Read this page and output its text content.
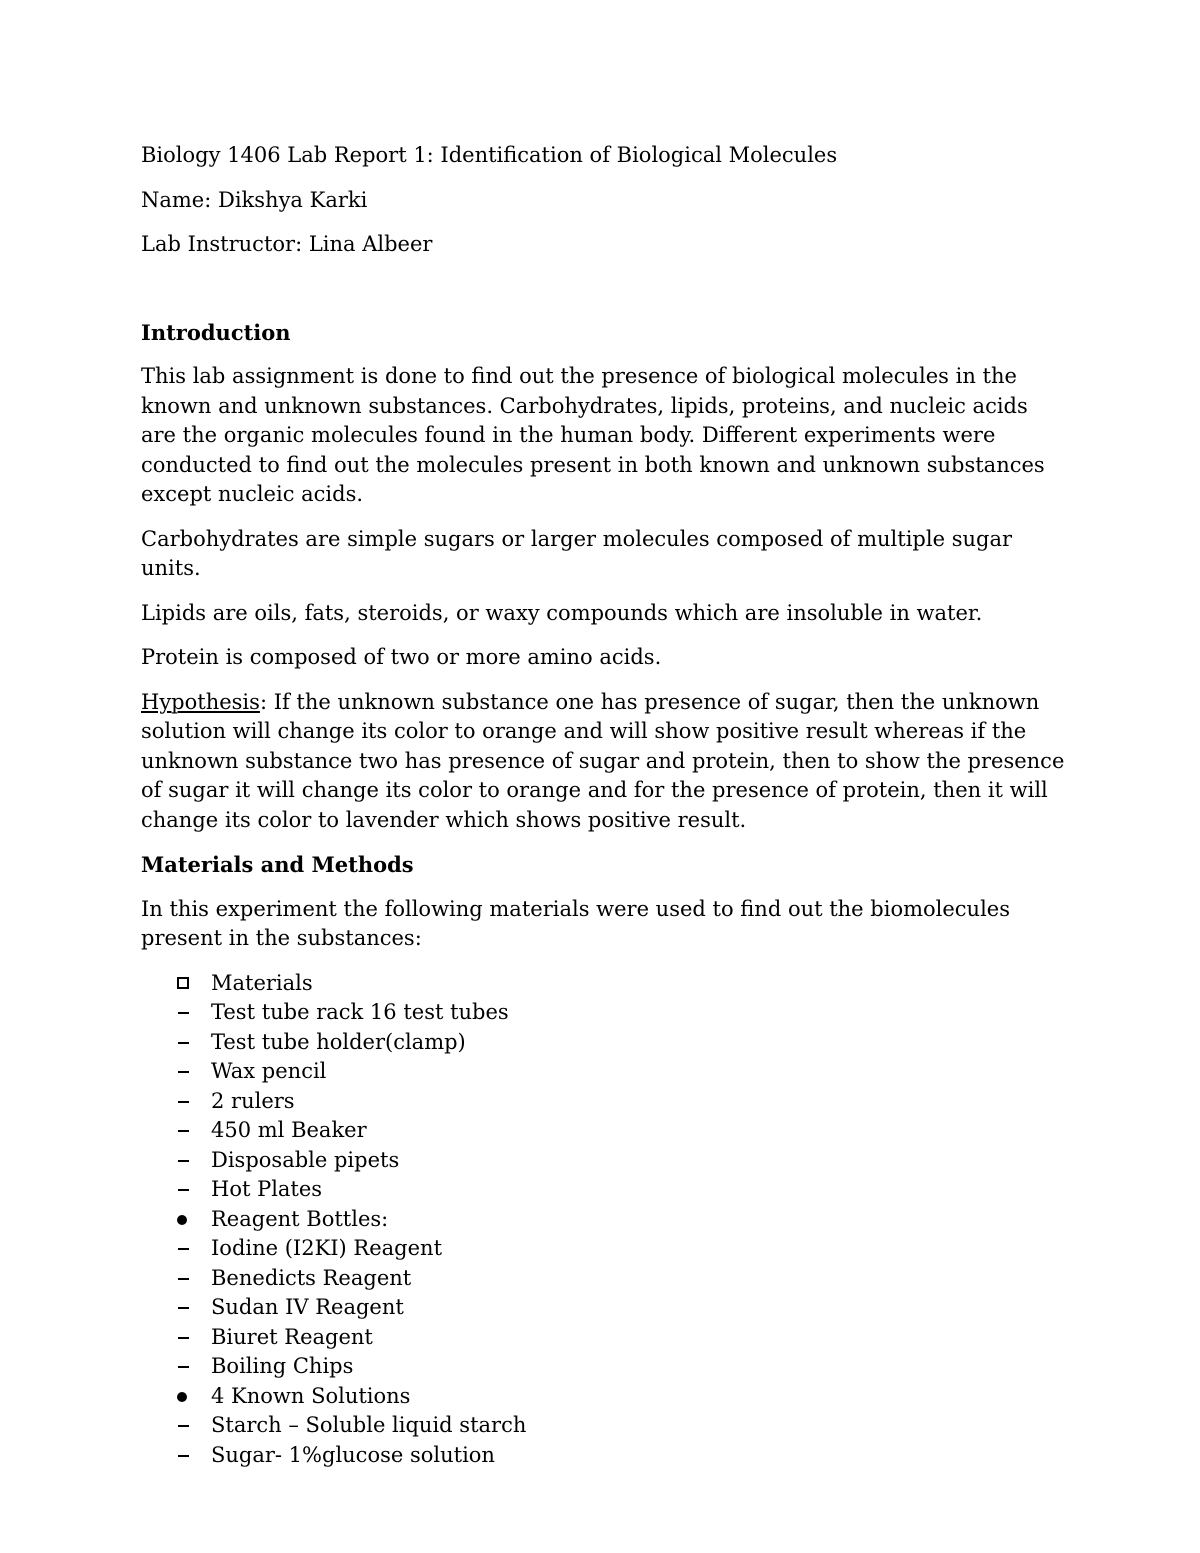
Biology 1406 Lab Report 1: Identification of Biological Molecules

Name: Dikshya Karki

Lab Instructor: Lina Albeer

Introduction

This lab assignment is done to find out the presence of biological molecules in the known and unknown substances. Carbohydrates, lipids, proteins, and nucleic acids are the organic molecules found in the human body. Different experiments were conducted to find out the molecules present in both known and unknown substances except nucleic acids.

Carbohydrates are simple sugars or larger molecules composed of multiple sugar units.

Lipids are oils, fats, steroids, or waxy compounds which are insoluble in water.

Protein is composed of two or more amino acids.

Hypothesis: If the unknown substance one has presence of sugar, then the unknown solution will change its color to orange and will show positive result whereas if the unknown substance two has presence of sugar and protein, then to show the presence of sugar it will change its color to orange and for the presence of protein, then it will change its color to lavender which shows positive result.

Materials and Methods

In this experiment the following materials were used to find out the biomolecules present in the substances:

Materials
Test tube rack 16 test tubes
Test tube holder(clamp)
Wax pencil
2 rulers
450 ml Beaker
Disposable pipets
Hot Plates
Reagent Bottles:
Iodine (I2KI) Reagent
Benedicts Reagent
Sudan IV Reagent
Biuret Reagent
Boiling Chips
4 Known Solutions
Starch – Soluble liquid starch
Sugar- 1%glucose solution
